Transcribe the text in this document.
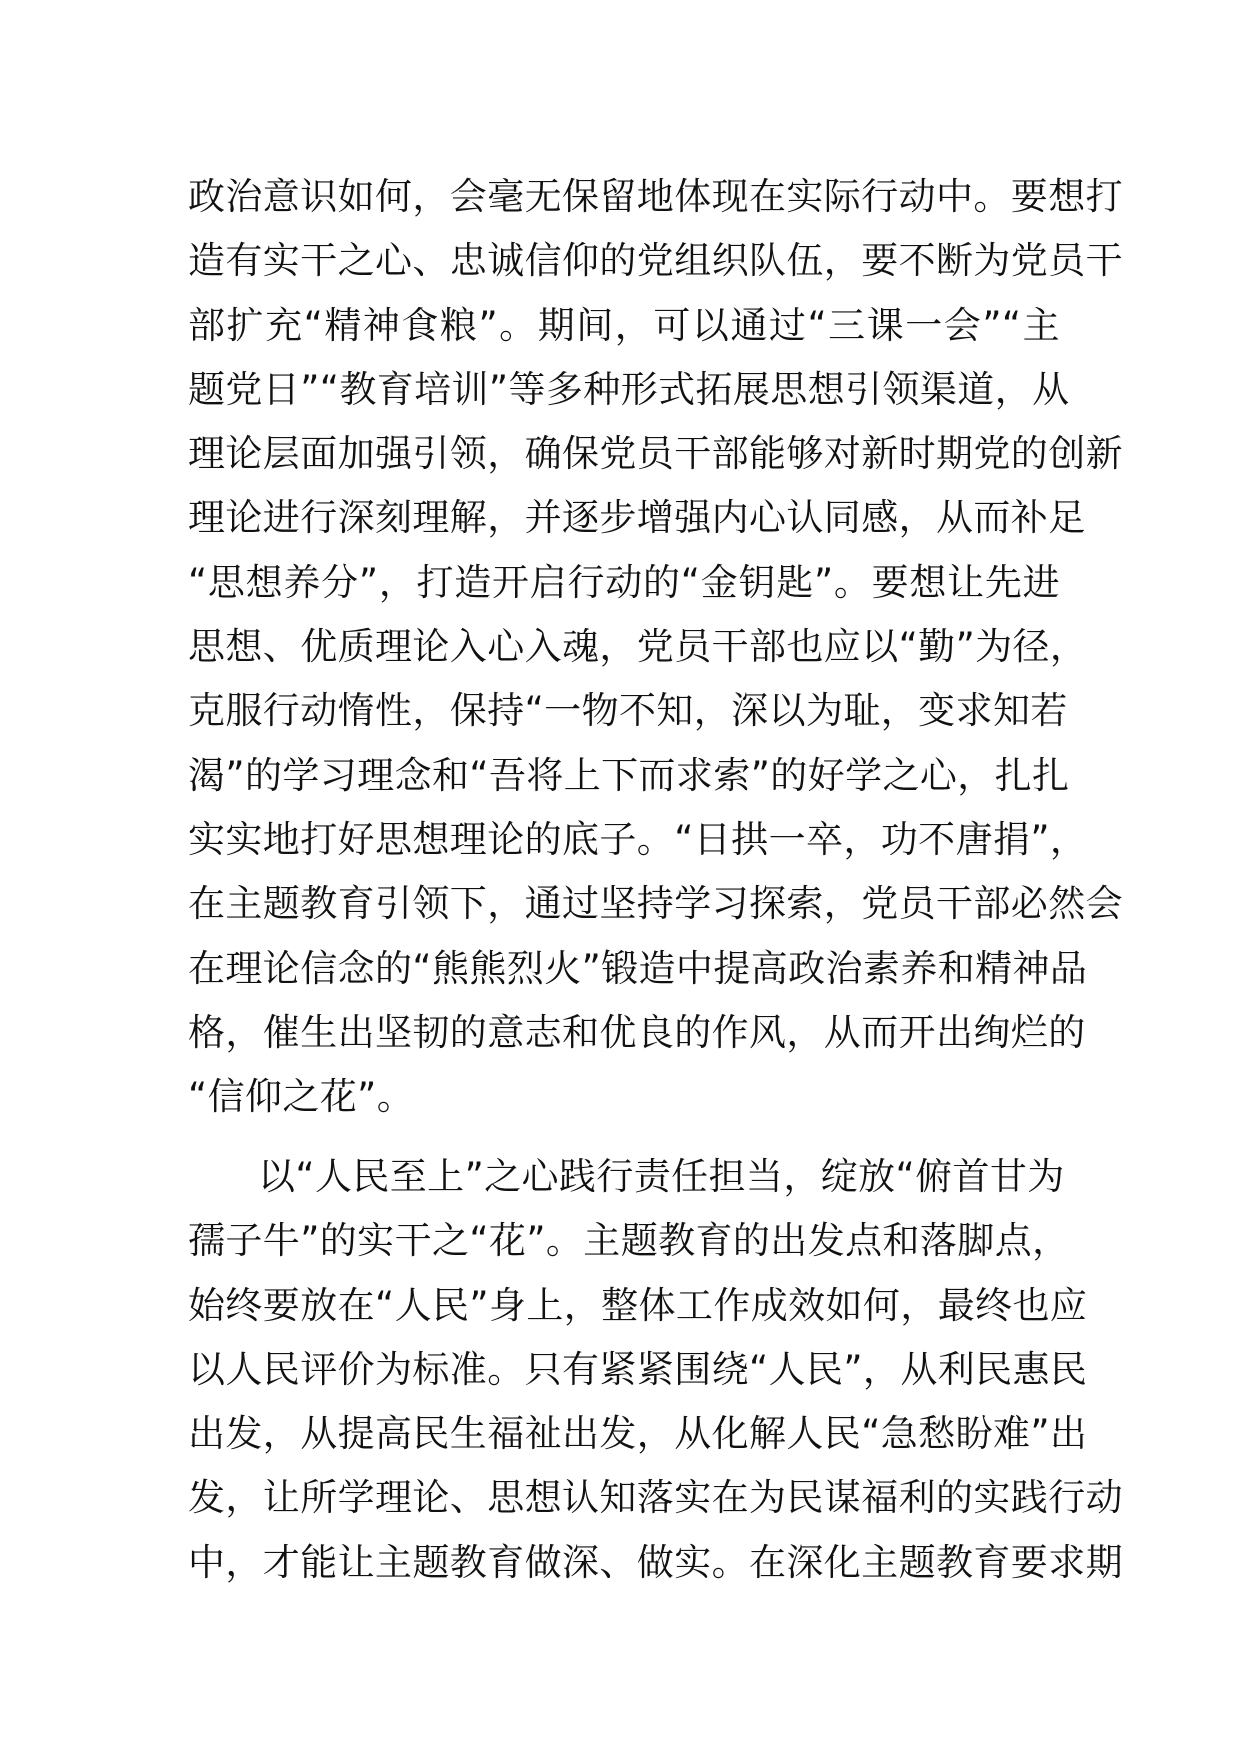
政治意识如何，会毫无保留地体现在实际行动中。要想打
造有实干之心、忠诚信仰的党组织队伍，要不断为党员干
部扩充“精神食粮”。期间，可以通过“三课一会”“主
题党日”“教育培训”等多种形式拓展思想引领渠道，从
理论层面加强引领，确保党员干部能够对新时期党的创新
理论进行深刻理解，并逐步增强内心认同感，从而补足
“思想养分”，打造开启行动的“金钥匙”。要想让先进
思想、优质理论入心入魂，党员干部也应以“勤”为径，
克服行动惰性，保持“一物不知，深以为耻，变求知若
渴”的学习理念和“吾将上下而求索”的好学之心，扎扎
实实地打好思想理论的底子。“日拱一卒，功不唐捐”，
在主题教育引领下，通过坚持学习探索，党员干部必然会
在理论信念的“熊熊烈火”锻造中提高政治素养和精神品
格，催生出坚韧的意志和优良的作风，从而开出绚烂的
“信仰之花”。
以“人民至上”之心践行责任担当，绽放“俯首甘为
孺子牛”的实干之“花”。主题教育的出发点和落脚点，
始终要放在“人民”身上，整体工作成效如何，最终也应
以人民评价为标准。只有紧紧围绕“人民”，从利民惠民
出发，从提高民生福祉出发，从化解人民“急愁盼难”出
发，让所学理论、思想认知落实在为民谋福利的实践行动
中，才能让主题教育做深、做实。在深化主题教育要求期
